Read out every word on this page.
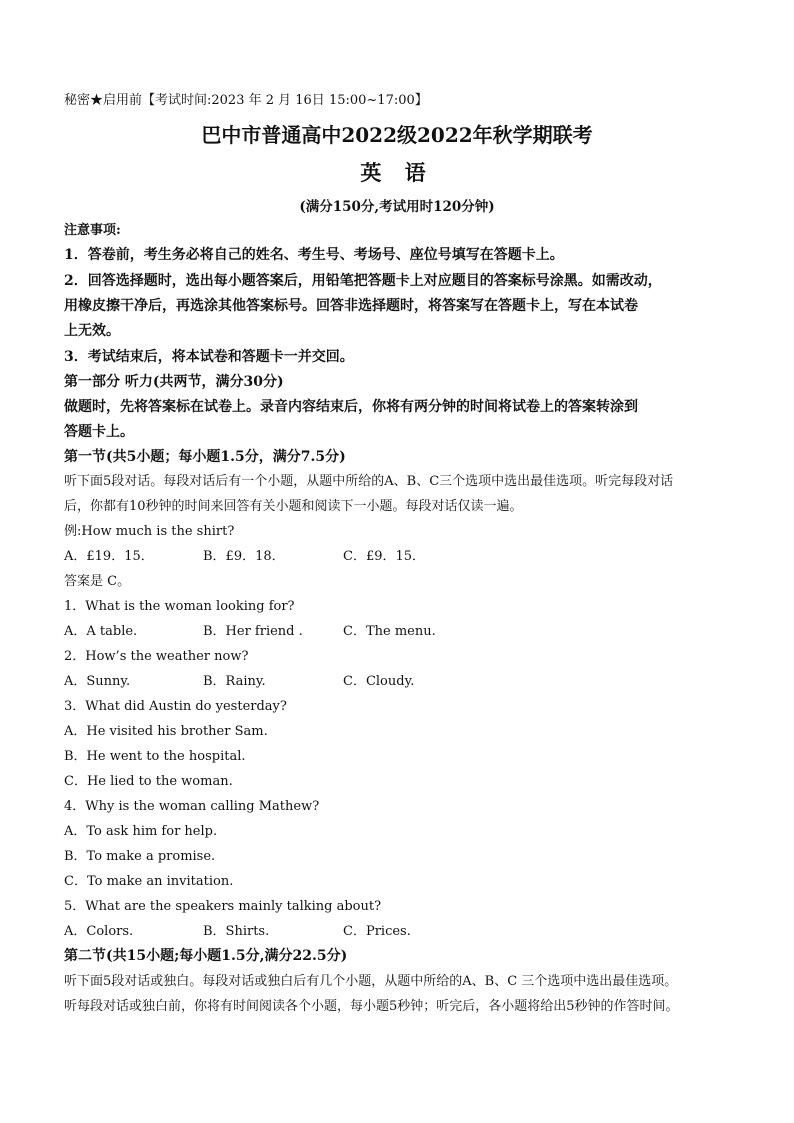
秘密★启用前【考试时间:2023 年 2 月 16日 15:00~17:00】
巴中市普通高中2022级2022年秋学期联考
英 语
(满分150分,考试用时120分钟)
注意事项:
1．答卷前，考生务必将自己的姓名、考生号、考场号、座位号填写在答题卡上。
2．回答选择题时，选出每小题答案后，用铅笔把答题卡上对应题目的答案标号涂黑。如需改动，
用橡皮擦干净后，再选涂其他答案标号。回答非选择题时，将答案写在答题卡上，写在本试卷
上无效。
3．考试结束后，将本试卷和答题卡一并交回。
第一部分 听力(共两节，满分30分)
做题时，先将答案标在试卷上。录音内容结束后，你将有两分钟的时间将试卷上的答案转涂到
答题卡上。
第一节(共5小题；每小题1.5分，满分7.5分)
听下面5段对话。每段对话后有一个小题，从题中所给的A、B、C三个选项中选出最佳选项。听完每段对话
后，你都有10秒钟的时间来回答有关小题和阅读下一小题。每段对话仅读一遍。
例:How much is the shirt?
A．£19．15．	B．£9．18．	C．£9．15．
答案是 C。
1．What is the woman looking for?
A．A table.	B．Her friend .	C．The menu.
2．How’s the weather now?
A．Sunny.	B．Rainy.	C．Cloudy.
3．What did Austin do yesterday?
A．He visited his brother Sam.
B．He went to the hospital.
C．He lied to the woman.
4．Why is the woman calling Mathew?
A．To ask him for help.
B．To make a promise.
C．To make an invitation.
5．What are the speakers mainly talking about?
A．Colors.	B．Shirts.	C．Prices.
第二节(共15小题;每小题1.5分,满分22.5分)
听下面5段对话或独白。每段对话或独白后有几个小题，从题中所给的A、B、C 三个选项中选出最佳选项。
听每段对话或独白前，你将有时间阅读各个小题，每小题5秒钟；听完后，各小题将给出5秒钟的作答时间。
